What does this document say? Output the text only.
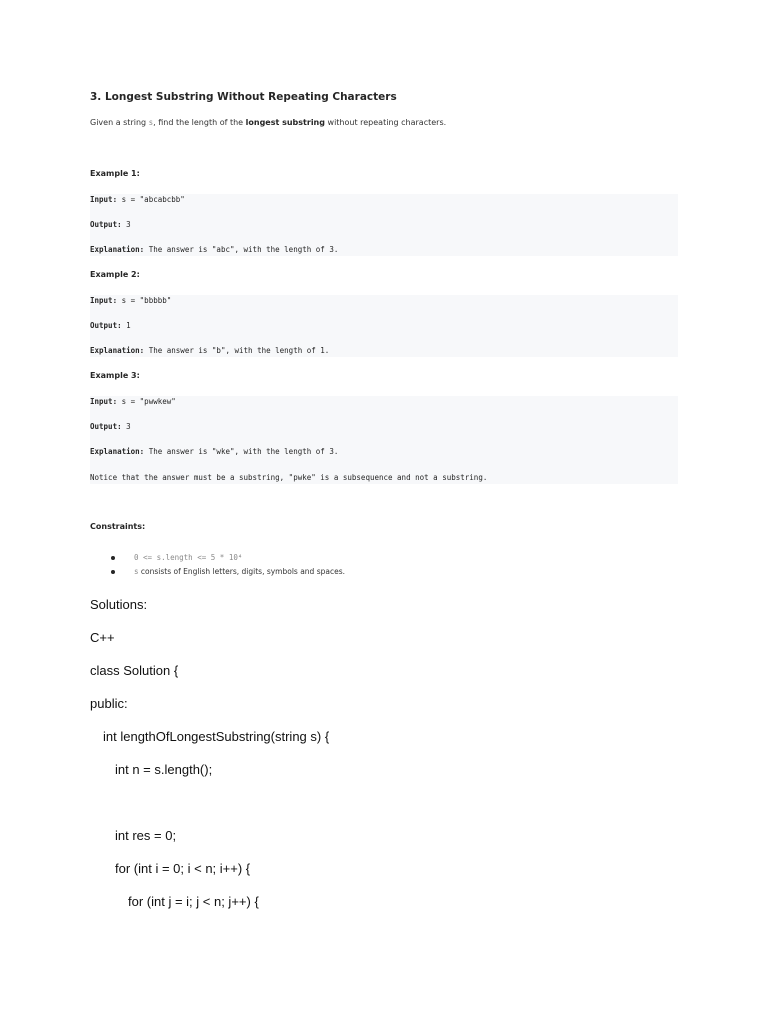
3. Longest Substring Without Repeating Characters
Given a string s, find the length of the longest substring without repeating characters.
Example 1:
Input: s = "abcabcbb"
Output: 3
Explanation: The answer is "abc", with the length of 3.
Example 2:
Input: s = "bbbbb"
Output: 1
Explanation: The answer is "b", with the length of 1.
Example 3:
Input: s = "pwwkew"
Output: 3
Explanation: The answer is "wke", with the length of 3.
Notice that the answer must be a substring, "pwke" is a subsequence and not a substring.
Constraints:
0 <= s.length <= 5 * 10⁴
s consists of English letters, digits, symbols and spaces.
Solutions:
C++
class Solution {
public:
int lengthOfLongestSubstring(string s) {
int n = s.length();
int res = 0;
for (int i = 0; i < n; i++) {
for (int j = i; j < n; j++) {
